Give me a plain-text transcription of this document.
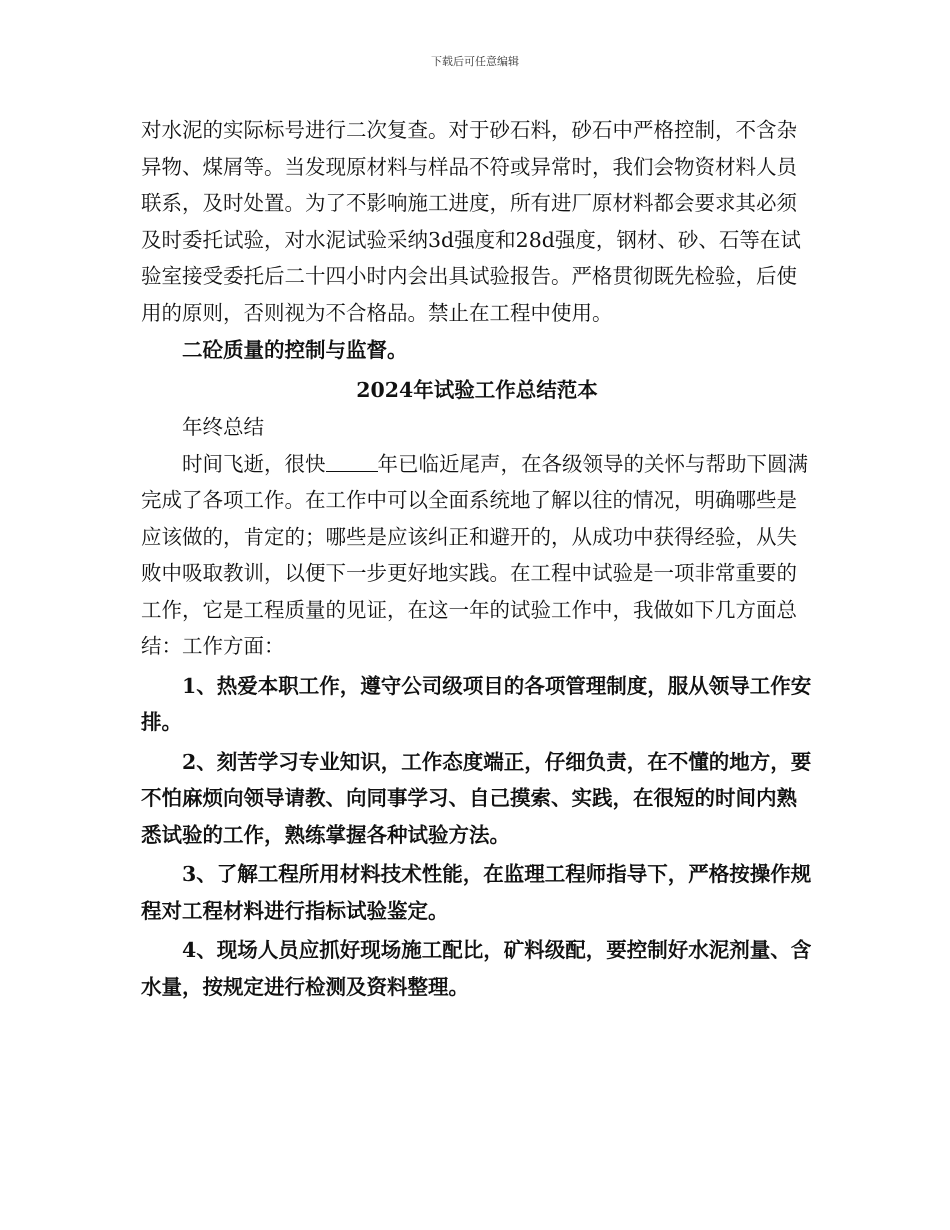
下载后可任意编辑

对水泥的实际标号进行二次复查。对于砂石料，砂石中严格控制，不含杂异物、煤屑等。当发现原材料与样品不符或异常时，我们会物资材料人员联系，及时处置。为了不影响施工进度，所有进厂原材料都会要求其必须及时委托试验，对水泥试验采纳3d强度和28d强度，钢材、砂、石等在试验室接受委托后二十四小时内会出具试验报告。严格贯彻既先检验，后使用的原则，否则视为不合格品。禁止在工程中使用。

二砼质量的控制与监督。

2024年试验工作总结范本

年终总结

时间飞逝，很快	年已临近尾声，在各级领导的关怀与帮助下圆满完成了各项工作。在工作中可以全面系统地了解以往的情况，明确哪些是应该做的，肯定的；哪些是应该纠正和避开的，从成功中获得经验，从失败中吸取教训，以便下一步更好地实践。在工程中试验是一项非常重要的工作，它是工程质量的见证，在这一年的试验工作中，我做如下几方面总结：工作方面：

1、热爱本职工作，遵守公司级项目的各项管理制度，服从领导工作安排。

2、刻苦学习专业知识，工作态度端正，仔细负责，在不懂的地方，要不怕麻烦向领导请教、向同事学习、自己摸索、实践，在很短的时间内熟悉试验的工作，熟练掌握各种试验方法。

3、了解工程所用材料技术性能，在监理工程师指导下，严格按操作规程对工程材料进行指标试验鉴定。

4、现场人员应抓好现场施工配比，矿料级配，要控制好水泥剂量、含水量，按规定进行检测及资料整理。
